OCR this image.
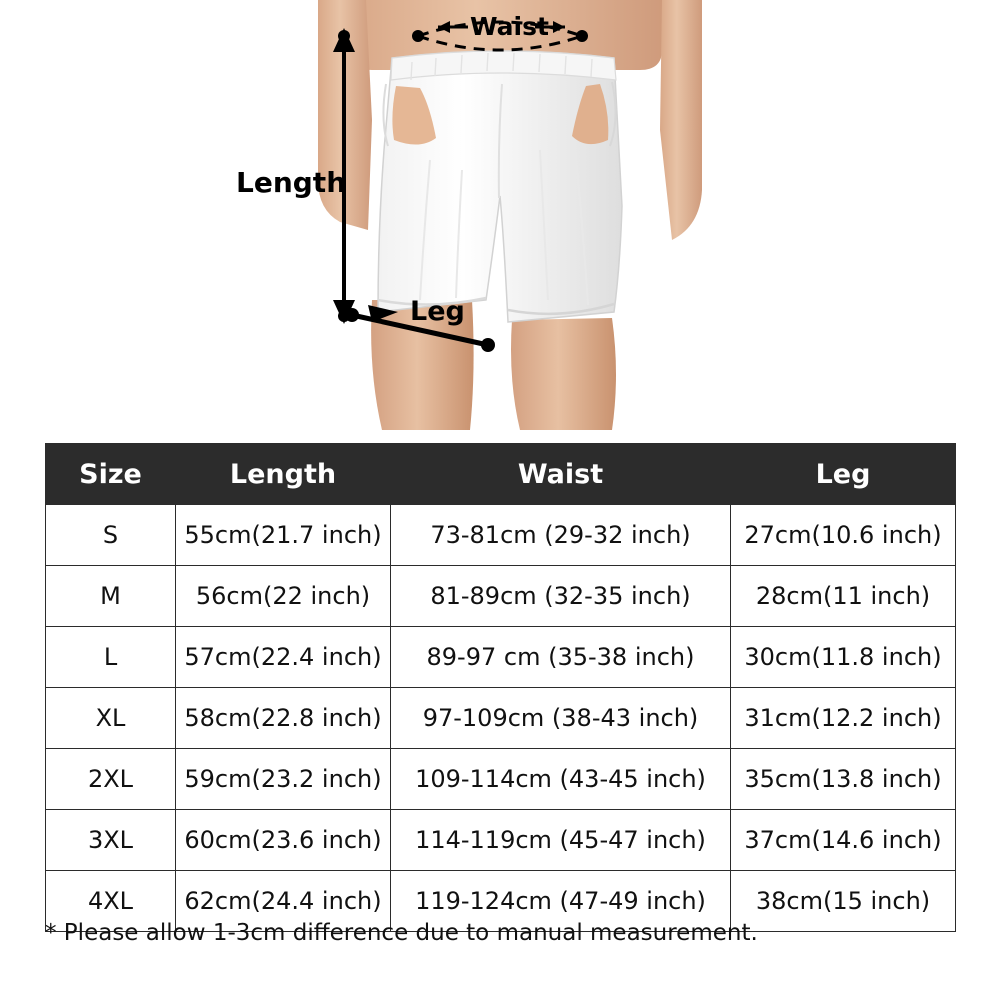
Waist
Length
Leg
Size	Length	Waist	Leg
S	55cm(21.7 inch)	73-81cm (29-32 inch)	27cm(10.6 inch)
M	56cm(22 inch)	81-89cm (32-35 inch)	28cm(11 inch)
L	57cm(22.4 inch)	89-97 cm (35-38 inch)	30cm(11.8 inch)
XL	58cm(22.8 inch)	97-109cm (38-43 inch)	31cm(12.2 inch)
2XL	59cm(23.2 inch)	109-114cm (43-45 inch)	35cm(13.8 inch)
3XL	60cm(23.6 inch)	114-119cm (45-47 inch)	37cm(14.6 inch)
4XL	62cm(24.4 inch)	119-124cm (47-49 inch)	38cm(15 inch)
* Please allow 1-3cm difference due to manual measurement.
